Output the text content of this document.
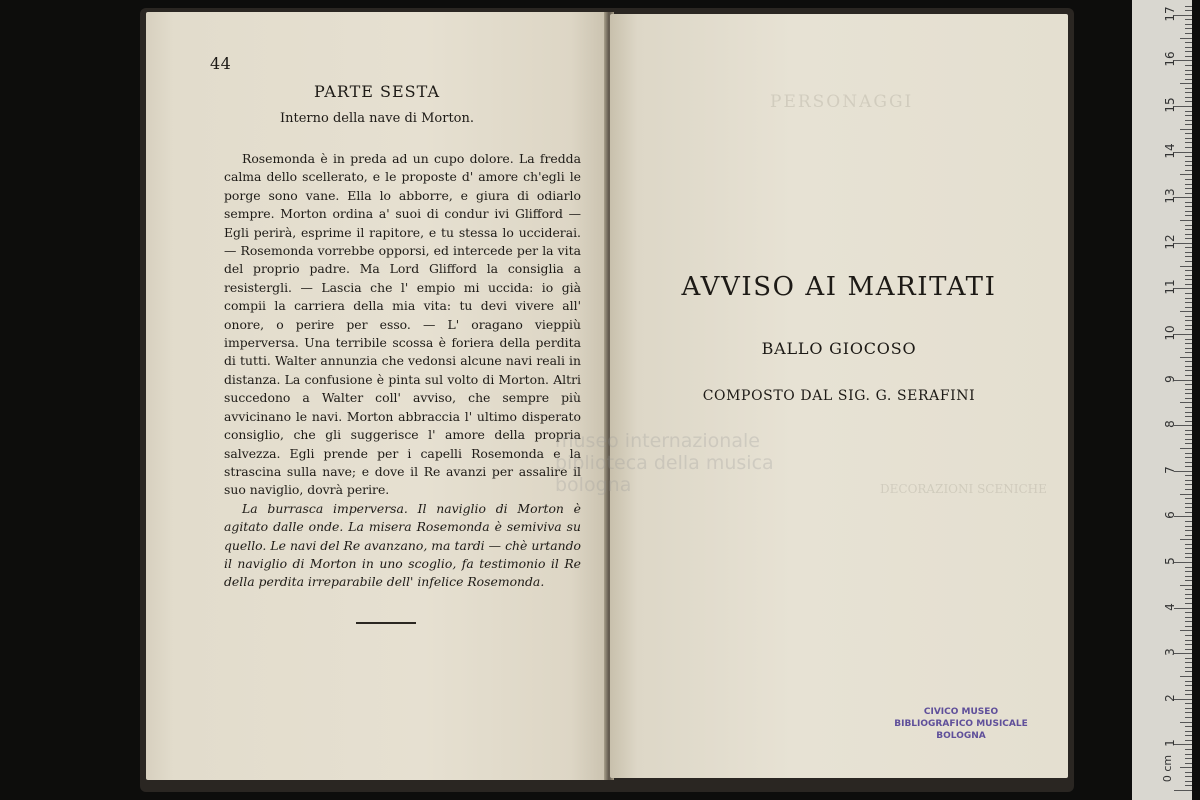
44
PARTE SESTA
Interno della nave di Morton.

Rosemonda è in preda ad un cupo dolore. La fredda calma dello scellerato, e le proposte d' amore ch'egli le porge sono vane. Ella lo abborre, e giura di odiarlo sempre. Morton ordina a' suoi di condur ivi Glifford — Egli perirà, esprime il rapitore, e tu stessa lo ucciderai. — Rosemonda vorrebbe opporsi, ed intercede per la vita del proprio padre. Ma Lord Glifford la consiglia a resistergli. — Lascia che l' empio mi uccida: io già compii la carriera della mia vita: tu devi vivere all' onore, o perire per esso. — L' oragano vieppiù imperversa. Una terribile scossa è foriera della perdita di tutti. Walter annunzia che vedonsi alcune navi reali in distanza. La confusione è pinta sul volto di Morton. Altri succedono a Walter coll' avviso, che sempre più avvicinano le navi. Morton abbraccia l' ultimo disperato consiglio, che gli suggerisce l' amore della propria salvezza. Egli prende per i capelli Rosemonda e la strascina sulla nave; e dove il Re avanzi per assalire il suo naviglio, dovrà perire.

La burrasca imperversa. Il naviglio di Morton è agitato dalle onde. La misera Rosemonda è semiviva su quello. Le navi del Re avanzano, ma tardi — chè urtando il naviglio di Morton in uno scoglio, fa testimonio il Re della perdita irreparabile dell' infelice Rosemonda.

PERSONAGGI
DECORAZIONI SCENICHE
AVVISO AI MARITATI
BALLO GIOCOSO
COMPOSTO DAL SIG. G. SERAFINI
museo internazionale
biblioteca della musica
bologna
CIVICO MUSEO
BIBLIOGRAFICO MUSICALE
BOLOGNA
0 cm
1
2
3
4
5
6
7
8
9
10
11
12
13
14
15
16
17
